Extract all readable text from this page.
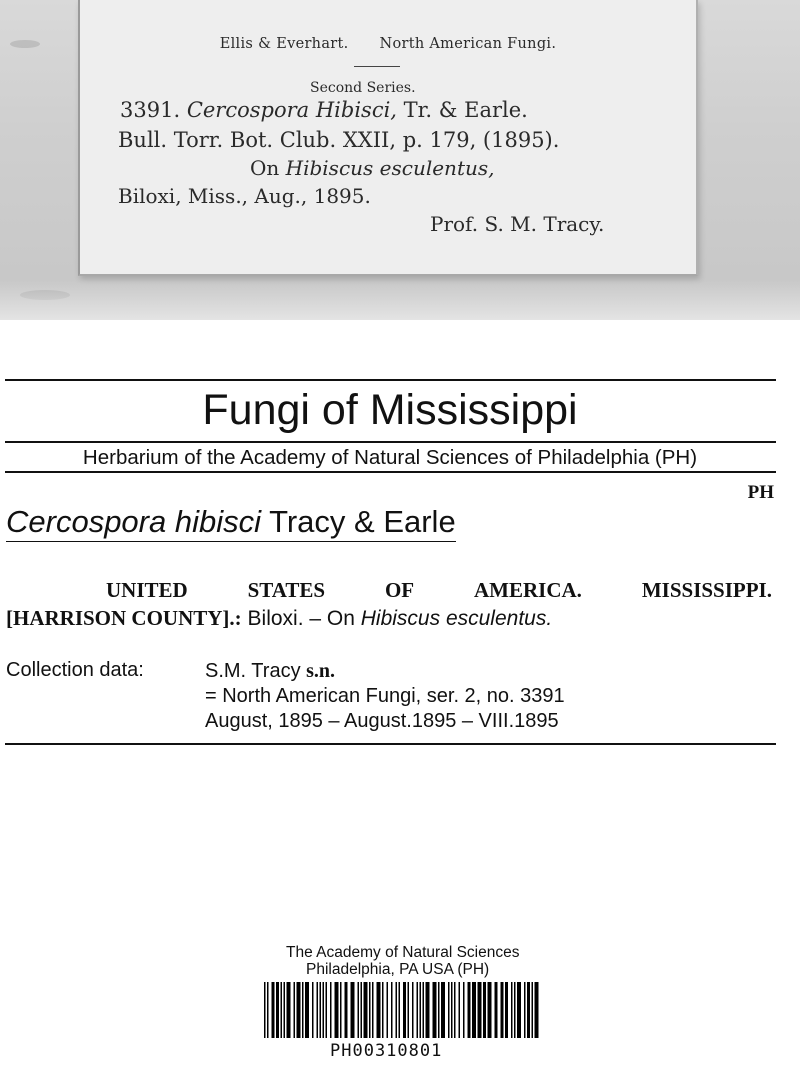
Ellis & Everhart. North American Fungi.
Second Series.
3391. Cercospora Hibisci, Tr. & Earle.
Bull. Torr. Bot. Club. XXII, p. 179, (1895).
On Hibiscus esculentus,
Biloxi, Miss., Aug., 1895.
Prof. S. M. Tracy.
Fungi of Mississippi
Herbarium of the Academy of Natural Sciences of Philadelphia (PH)
PH
Cercospora hibisci Tracy & Earle
UNITED	STATES	OF	AMERICA.	MISSISSIPPI.
[HARRISON COUNTY].: Biloxi. – On Hibiscus esculentus.
Collection data:	S.M. Tracy s.n.
= North American Fungi, ser. 2, no. 3391
August, 1895 – August.1895 – VIII.1895
The Academy of Natural Sciences
Philadelphia, PA USA (PH)
PH00310801
